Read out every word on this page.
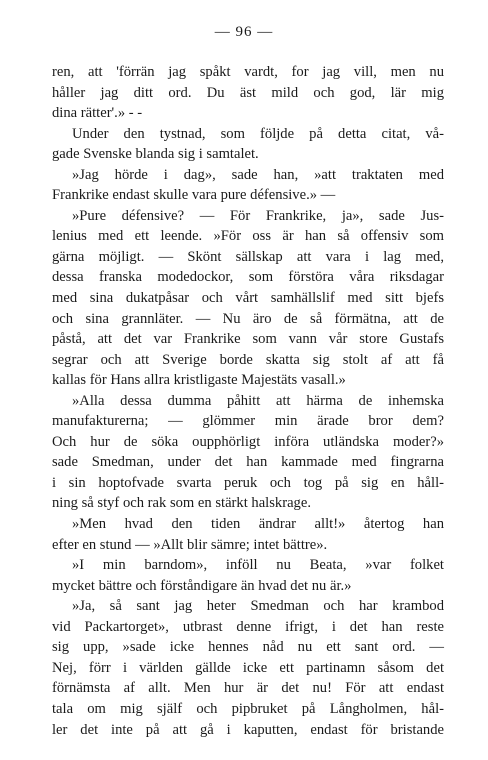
— 96 —
ren, att 'förrän jag spåkt vardt, for jag vill, men nu
håller jag ditt ord. Du äst mild och god, lär mig
dina rätter'.» - -
Under den tystnad, som följde på detta citat, vå-
gade Svenske blanda sig i samtalet.
»Jag hörde i dag», sade han, »att traktaten med
Frankrike endast skulle vara pure défensive.» —
»Pure défensive? — För Frankrike, ja», sade Jus-
lenius med ett leende. »För oss är han så offensiv som
gärna möjligt. — Skönt sällskap att vara i lag med,
dessa franska modedockor, som förstöra våra riksdagar
med sina dukatpåsar och vårt samhällslif med sitt bjefs
och sina grannläter. — Nu äro de så förmätna, att de
påstå, att det var Frankrike som vann vår store Gustafs
segrar och att Sverige borde skatta sig stolt af att få
kallas för Hans allra kristligaste Majestäts vasall.»
»Alla dessa dumma påhitt att härma de inhemska
manufakturerna; — glömmer min ärade bror dem?
Och hur de söka oupphörligt införa utländska moder?»
sade Smedman, under det han kammade med fingrarna
i sin hoptofvade svarta peruk och tog på sig en håll-
ning så styf och rak som en stärkt halskrage.
»Men hvad den tiden ändrar allt!» återtog han
efter en stund — »Allt blir sämre; intet bättre».
»I min barndom», inföll nu Beata, »var folket
mycket bättre och förståndigare än hvad det nu är.»
»Ja, så sant jag heter Smedman och har krambod
vid Packartorget», utbrast denne ifrigt, i det han reste
sig upp, »sade icke hennes nåd nu ett sant ord. —
Nej, förr i världen gällde icke ett partinamn såsom det
förnämsta af allt. Men hur är det nu! För att endast
tala om mig själf och pipbruket på Långholmen, hål-
ler det inte på att gå i kaputten, endast för bristande
